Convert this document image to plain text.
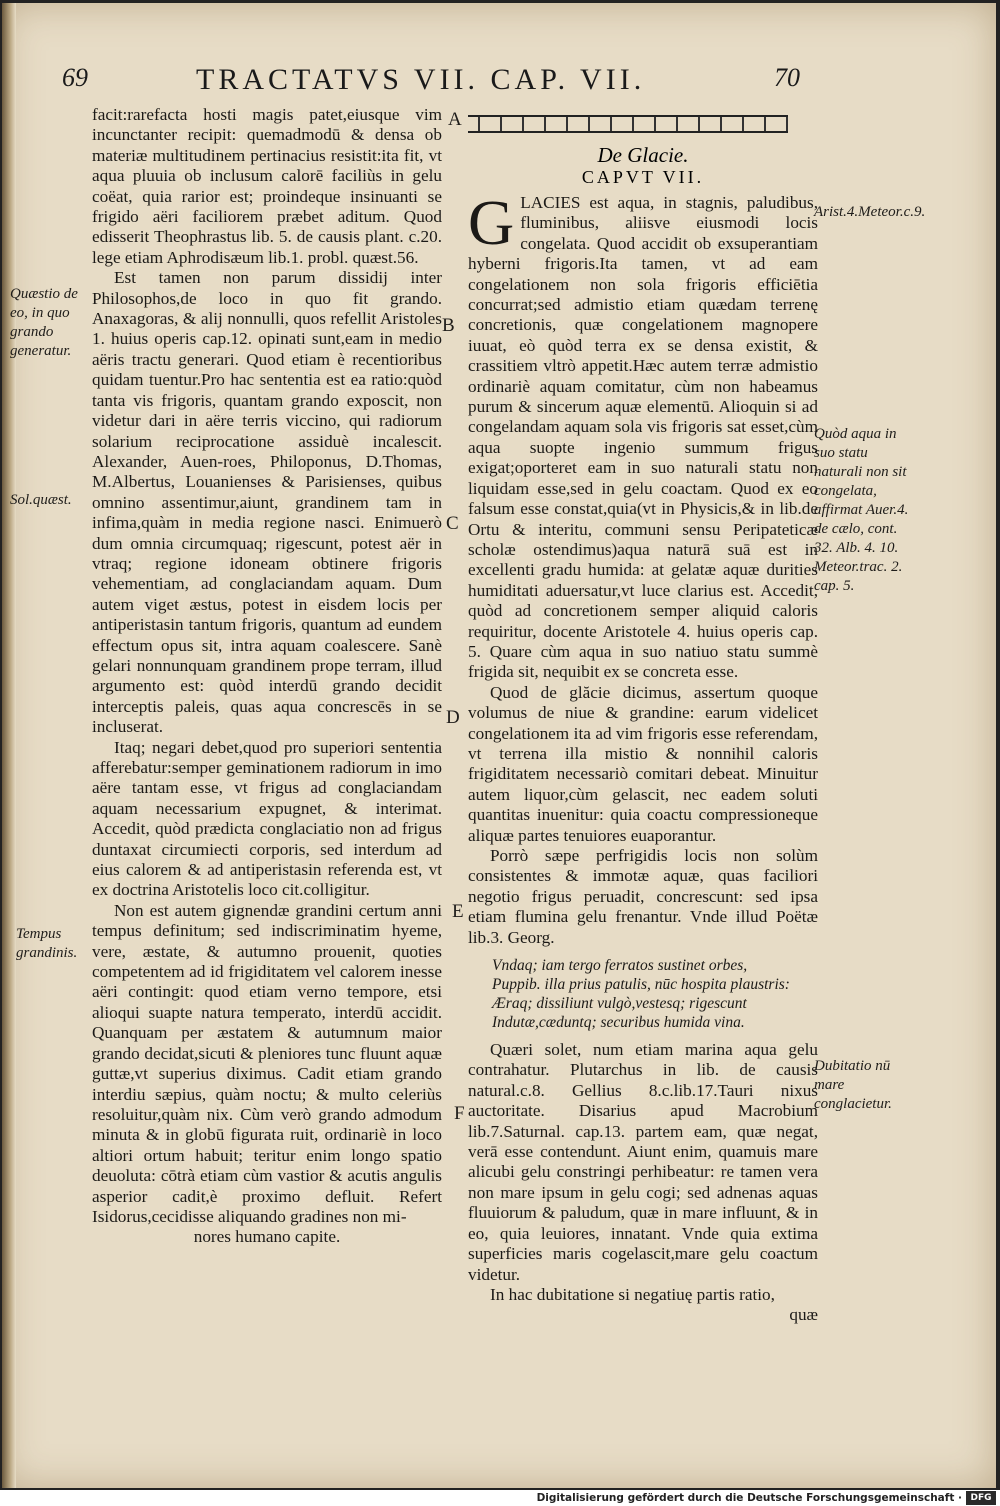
69	TRACTATVS VII. CAP. VII.	70

facit:rarefacta hosti magis patet,eiusque vim incunctanter recipit: quemadmodū & densa ob materiæ multitudinem pertinacius resistit:ita fit, vt aqua pluuia ob inclusum calorē faciliùs in gelu coëat, quia rarior est; proindeque insinuanti se frigido aëri faciliorem præbet aditum. Quod edisserit Theophrastus lib. 5. de causis plant. c.20. lege etiam Aphrodisæum lib.1. probl. quæst.56.

Est tamen non parum dissidij inter Philosophos,de loco in quo fit grando. Anaxagoras, & alij nonnulli, quos refellit Aristoles 1. huius operis cap.12. opinati sunt,eam in medio aëris tractu generari. Quod etiam è recentioribus quidam tuentur.Pro hac sententia est ea ratio:quòd tanta vis frigoris, quantam grando exposcit, non videtur dari in aëre terris viccino, qui radiorum solarium reciprocatione assiduè incalescit. Alexander, Auen-roes, Philoponus, D.Thomas, M.Albertus, Louanienses & Parisienses, quibus omnino assentimur,aiunt, grandinem tam in infima,quàm in media regione nasci. Enimuerò dum omnia circumquaq; rigescunt, potest aër in vtraq; regione idoneam obtinere frigoris vehementiam, ad conglaciandam aquam. Dum autem viget æstus, potest in eisdem locis per antiperistasin tantum frigoris, quantum ad eundem effectum opus sit, intra aquam coalescere. Sanè gelari nonnunquam grandinem prope terram, illud argumento est: quòd interdū grando decidit interceptis paleis, quas aqua concrescēs in se incluserat.

Itaq; negari debet,quod pro superiori sententia afferebatur:semper geminationem radiorum in imo aëre tantam esse, vt frigus ad conglaciandam aquam necessarium expugnet, & interimat. Accedit, quòd prædicta conglaciatio non ad frigus duntaxat circumiecti corporis, sed interdum ad eius calorem & ad antiperistasin referenda est, vt ex doctrina Aristotelis loco cit.colligitur.

Non est autem gignendæ grandini certum anni tempus definitum; sed indiscriminatim hyeme, vere, æstate, & autumno prouenit, quoties competentem ad id frigiditatem vel calorem inesse aëri contingit: quod etiam verno tempore, etsi alioqui suapte natura temperato, interdū accidit. Quanquam per æstatem & autumnum maior grando decidat,sicuti & pleniores tunc fluunt aquæ guttæ,vt superius diximus. Cadit etiam grando interdiu sæpius, quàm noctu; & multo celeriùs resoluitur,quàm nix. Cùm verò grando admodum minuta & in globū figurata ruit, ordinariè in loco altiori ortum habuit; teritur enim longo spatio deuoluta: cōtrà etiam cùm vastior & acutis angulis asperior cadit,è proximo defluit. Refert Isidorus,cecidisse aliquando gradines non mi-

nores humano capite.

De Glacie.
CAPVT VII.

GLACIES est aqua, in stagnis, paludibus, fluminibus, aliisve eiusmodi locis congelata. Quod accidit ob exsuperantiam hyberni frigoris.Ita tamen, vt ad eam congelationem non sola frigoris efficiētia concurrat;sed admistio etiam quædam terrenę concretionis, quæ congelationem magnopere iuuat, eò quòd terra ex se densa existit, & crassitiem vltrò appetit.Hæc autem terræ admistio ordinariè aquam comitatur, cùm non habeamus purum & sincerum aquæ elementū. Alioquin si ad congelandam aquam sola vis frigoris sat esset,cùm aqua suopte ingenio summum frigus exigat;oporteret eam in suo naturali statu non liquidam esse,sed in gelu coactam. Quod ex eo falsum esse constat,quia(vt in Physicis,& in lib.de Ortu & interitu, communi sensu Peripateticæ scholæ ostendimus)aqua naturā suā est in excellenti gradu humida: at gelatæ aquæ durities humiditati aduersatur,vt luce clarius est. Accedit, quòd ad concretionem semper aliquid caloris requiritur, docente Aristotele 4. huius operis cap. 5. Quare cùm aqua in suo natiuo statu summè frigida sit, nequibit ex se concreta esse.

Quod de glăcie dicimus, assertum quoque volumus de niue & grandine: earum videlicet congelationem ita ad vim frigoris esse referendam, vt terrena illa mistio & nonnihil caloris frigiditatem necessariò comitari debeat. Minuitur autem liquor,cùm gelascit, nec eadem soluti quantitas inuenitur: quia coactu compressioneque aliquæ partes tenuiores euaporantur.

Porrò sæpe perfrigidis locis non solùm consistentes & immotæ aquæ, quas faciliori negotio frigus peruadit, concrescunt: sed ipsa etiam flumina gelu frenantur. Vnde illud Poëtæ lib.3. Georg.

Vndaq; iam tergo ferratos sustinet orbes,
Puppib. illa prius patulis, nūc hospita plaustris:
Æraq; dissiliunt vulgò,vestesq; rigescunt
Indutæ,cæduntq; securibus humida vina.

Quæri solet, num etiam marina aqua gelu contrahatur. Plutarchus in lib. de causis natural.c.8. Gellius 8.c.lib.17.Tauri nixus auctoritate. Disarius apud Macrobium lib.7.Saturnal. cap.13. partem eam, quæ negat, verā esse contendunt. Aiunt enim, quamuis mare alicubi gelu constringi perhibeatur: re tamen vera non mare ipsum in gelu cogi; sed adnenas aquas fluuiorum & paludum, quæ in mare influunt, & in eo, quia leuiores, innatant. Vnde quia extima superficies maris cogelascit,mare gelu coactum videtur.

In hac dubitatione si negatiuę partis ratio,

quæ

Quæstio de eo, in quo grando generatur.
Sol.quæst.
Tempus grandinis.
Arist.4.Meteor.c.9.
Quòd aqua in suo statu naturali non sit congelata, affirmat Auer.4. de cælo, cont. 32. Alb. 4. 10. Meteor.trac. 2. cap. 5.
Dubitatio nū mare conglacietur.
A
B
C
D
E
F
Digitalisierung gefördert durch die Deutsche Forschungsgemeinschaft · DFG
